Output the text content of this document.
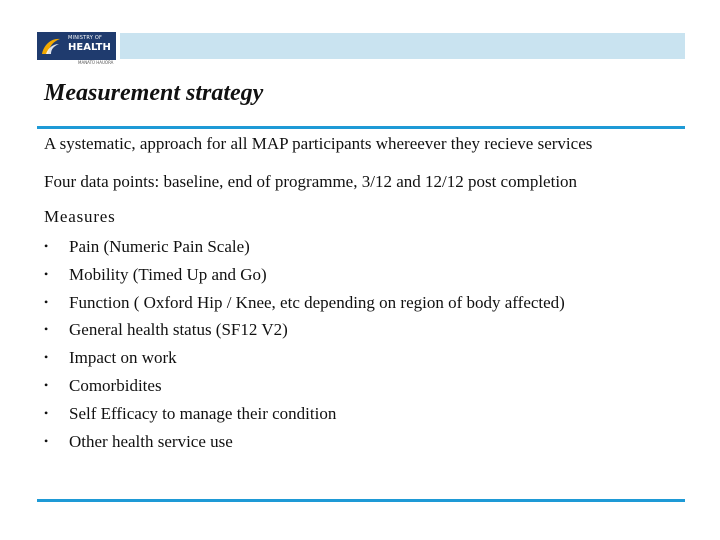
MINISTRY OF
HEALTH
MANATŪ HAUORA
Measurement strategy

A systematic, approach for all MAP participants whereever they recieve services

Four data points: baseline, end of programme, 3/12 and 12/12 post completion

Measures
• Pain (Numeric Pain Scale)
• Mobility (Timed Up and Go)
• Function ( Oxford Hip / Knee, etc depending on region of body affected)
• General health status (SF12 V2)
• Impact on work
• Comorbidites
• Self Efficacy to manage their condition
• Other health service use
